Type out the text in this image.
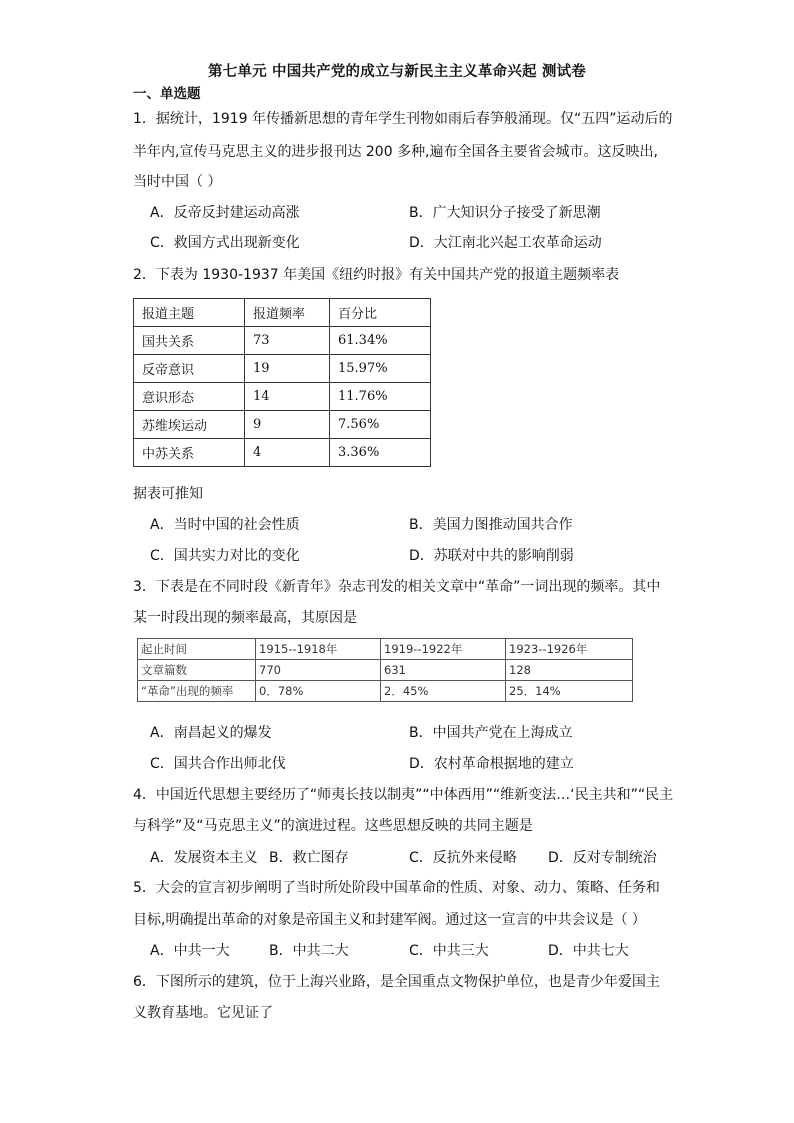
第七单元 中国共产党的成立与新民主主义革命兴起 测试卷
一、单选题
1．据统计，1919 年传播新思想的青年学生刊物如雨后春笋般涌现。仅“五四”运动后的
半年内,宣传马克思主义的进步报刊达 200 多种,遍布全国各主要省会城市。这反映出,
当时中国（ ）
A．反帝反封建运动高涨	B．广大知识分子接受了新思潮
C．救国方式出现新变化	D．大江南北兴起工农革命运动
2．下表为 1930-1937 年美国《纽约时报》有关中国共产党的报道主题频率表
报道主题	报道频率	百分比
国共关系	73	61.34%
反帝意识	19	15.97%
意识形态	14	11.76%
苏维埃运动	9	7.56%
中苏关系	4	3.36%
据表可推知
A．当时中国的社会性质	B．美国力图推动国共合作
C．国共实力对比的变化	D．苏联对中共的影响削弱
3．下表是在不同时段《新青年》杂志刊发的相关文章中“革命”一词出现的频率。其中
某一时段出现的频率最高，其原因是
起止时间	1915--1918年	1919--1922年	1923--1926年
文章篇数	770	631	128
“革命”出现的频率	0．78%	2．45%	25．14%
A．南昌起义的爆发	B．中国共产党在上海成立
C．国共合作出师北伐	D．农村革命根据地的建立
4．中国近代思想主要经历了“师夷长技以制夷”“中体西用”“维新变法…‘民主共和”“民主
与科学”及“马克思主义”的演进过程。这些思想反映的共同主题是
A．发展资本主义 B．救亡图存	C．反抗外来侵略 D．反对专制统治
5．大会的宣言初步阐明了当时所处阶段中国革命的性质、对象、动力、策略、任务和
目标,明确提出革命的对象是帝国主义和封建军阀。通过这一宣言的中共会议是（ ）
A．中共一大	B．中共二大	C．中共三大	D．中共七大
6．下图所示的建筑，位于上海兴业路，是全国重点文物保护单位，也是青少年爱国主
义教育基地。它见证了
